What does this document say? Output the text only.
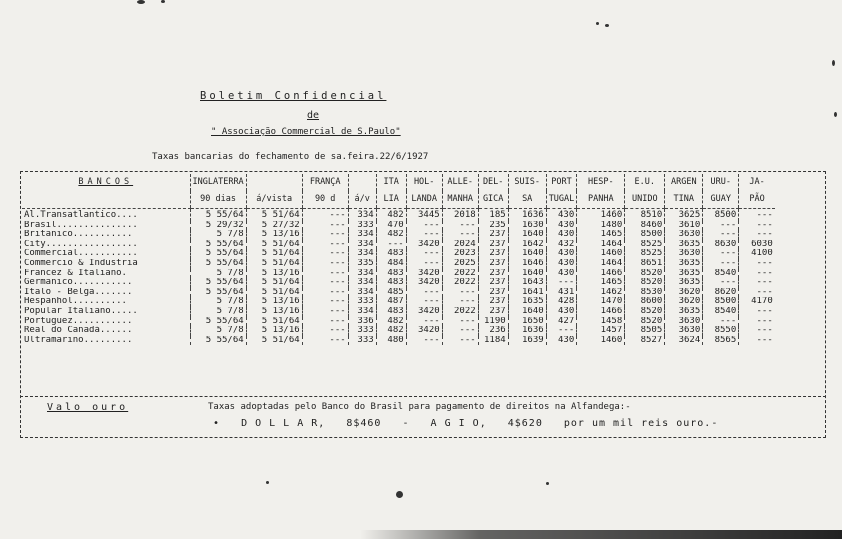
Boletim Confidencial
de
" Associação Commercial de S.Paulo"
Taxas bancarias do fechamento de sa.feira.22/6/1927
BANCOS	INGLATERRA		FRANÇA		ITA	HOL-	ALLE-	DEL-	SUIS-	PORT	HESP-	E.U.	ARGEN	URU-	JA-
	90 dias	á/vista	90 d	á/v	LIA	LANDA	MANHA	GICA	SA	TUGAL	PANHA	UNIDO	TINA	GUAY	PÃO
Al.Transatlantico....	5 55/64	5 51/64	---	334	482	3445	2018	185	1636	430	1460	8510	3625	8500	---
Brasil...............	5 29/32	5 27/32	---	333	470	---	---	235	1630	430	1480	8460	3610	---	---
Britanico...........	5 7/8	5 13/16	---	334	482	---	---	237	1640	430	1465	8500	3630	---	---
City.................	5 55/64	5 51/64	---	334	---	3420	2024	237	1642	432	1464	8525	3635	8630	6030
Commercial...........	5 55/64	5 51/64	---	334	483	---	2023	237	1640	430	1460	8525	3630	---	4100
Commercio & Industria	5 55/64	5 51/64	---	335	484	---	2025	237	1646	430	1464	8651	3635	---	---
Francez & Italiano.	5 7/8	5 13/16	---	334	483	3420	2022	237	1640	430	1466	8520	3635	8540	---
Germanico...........	5 55/64	5 51/64	---	334	483	3420	2022	237	1643	---	1465	8520	3635	---	---
Italo - Belga.......	5 55/64	5 51/64	---	334	485	---	---	237	1641	431	1462	8530	3620	8620	---
Hespanhol..........	5 7/8	5 13/16	---	333	487	---	---	237	1635	428	1470	8600	3620	8500	4170
Popular Italiano.....	5 7/8	5 13/16	---	334	483	3420	2022	237	1640	430	1466	8520	3635	8540	---
Portuguez...........	5 55/64	5 51/64	---	336	482	---	---	1190	1650	427	1458	8520	3630	---	---
Real do Canadá......	5 7/8	5 13/16	---	333	482	3420	---	236	1636	---	1457	8505	3630	8550	---
Ultramarino.........	5 55/64	5 51/64	---	333	480	---	---	1184	1639	430	1460	8527	3624	8565	---
Valo ouro	Taxas adoptadas pelo Banco do Brasil para pagamento de direitos na Alfandega:-
• D O L L A R, 8$460 - A G I O, 4$620 por um mil reis ouro.-
